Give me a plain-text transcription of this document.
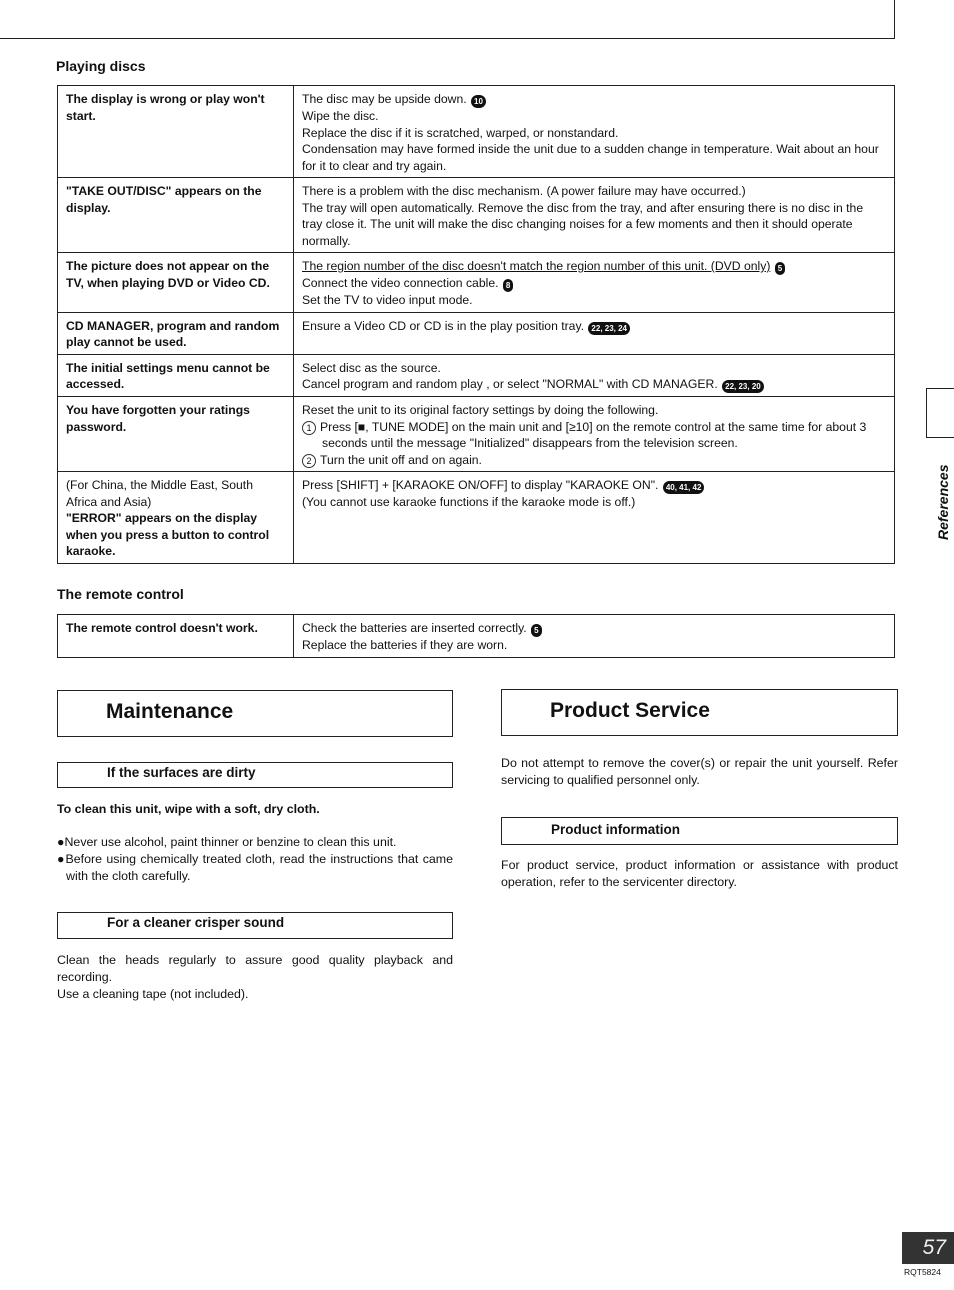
Playing discs
The display is wrong or play won't start.	The disc may be upside down. 10
Wipe the disc.
Replace the disc if it is scratched, warped, or nonstandard.
Condensation may have formed inside the unit due to a sudden change in temperature. Wait about an hour for it to clear and try again.

"TAKE OUT/DISC" appears on the display.	There is a problem with the disc mechanism. (A power failure may have occurred.)
The tray will open automatically. Remove the disc from the tray, and after ensuring there is no disc in the tray close it. The unit will make the disc changing noises for a few moments and then it should operate normally.

The picture does not appear on the TV, when playing DVD or Video CD.	The region number of the disc doesn't match the region number of this unit. (DVD only) 5
Connect the video connection cable. 8
Set the TV to video input mode.

CD MANAGER, program and random play cannot be used.	Ensure a Video CD or CD is in the play position tray. 22, 23, 24

The initial settings menu cannot be accessed.	Select disc as the source.
Cancel program and random play , or select "NORMAL" with CD MANAGER. 22, 23, 20

You have forgotten your ratings password.	Reset the unit to its original factory settings by doing the following.
1 Press [■, TUNE MODE] on the main unit and [≥10] on the remote control at the same time for about 3 seconds until the message "Initialized" disappears from the television screen.
2 Turn the unit off and on again.

(For China, the Middle East, South Africa and Asia)
"ERROR" appears on the display when you press a button to control karaoke.	Press [SHIFT] + [KARAOKE ON/OFF] to display "KARAOKE ON". 40, 41, 42
(You cannot use karaoke functions if the karaoke mode is off.)
The remote control
The remote control doesn't work.	Check the batteries are inserted correctly. 5
Replace the batteries if they are worn.
Maintenance
If the surfaces are dirty
To clean this unit, wipe with a soft, dry cloth.
●Never use alcohol, paint thinner or benzine to clean this unit.
●Before using chemically treated cloth, read the instructions that came with the cloth carefully.
For a cleaner crisper sound
Clean the heads regularly to assure good quality playback and recording.
Use a cleaning tape (not included).
Product Service
Do not attempt to remove the cover(s) or repair the unit yourself. Refer servicing to qualified personnel only.
Product information
For product service, product information or assistance with product operation, refer to the servicenter directory.
References
57
RQT5824
